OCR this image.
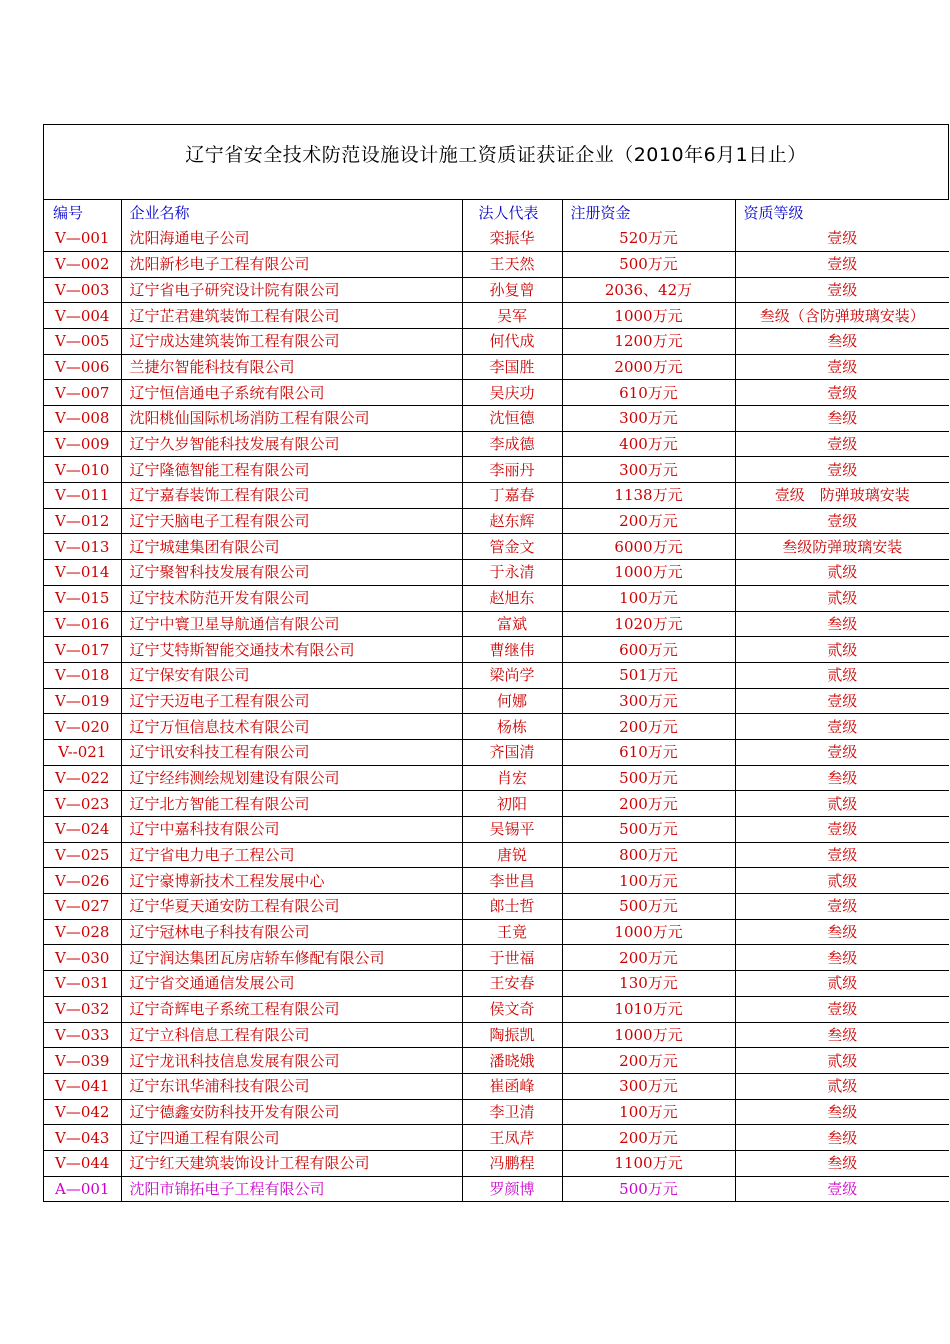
辽宁省安全技术防范设施设计施工资质证获证企业（2010年6月1日止）
编号	企业名称	法人代表	注册资金	资质等级
V—001	沈阳海通电子公司	栾振华	520万元	壹级
V—002	沈阳新杉电子工程有限公司	王天然	500万元	壹级
V—003	辽宁省电子研究设计院有限公司	孙复曾	2036、42万	壹级
V—004	辽宁芷君建筑装饰工程有限公司	吴军	1000万元	叁级（含防弹玻璃安装）
V—005	辽宁成达建筑装饰工程有限公司	何代成	1200万元	叁级
V—006	兰捷尔智能科技有限公司	李国胜	2000万元	壹级
V—007	辽宁恒信通电子系统有限公司	吴庆功	610万元	壹级
V—008	沈阳桃仙国际机场消防工程有限公司	沈恒德	300万元	叁级
V—009	辽宁久岁智能科技发展有限公司	李成德	400万元	壹级
V—010	辽宁隆德智能工程有限公司	李丽丹	300万元	壹级
V—011	辽宁嘉春装饰工程有限公司	丁嘉春	1138万元	壹级　防弹玻璃安装
V—012	辽宁天脑电子工程有限公司	赵东辉	200万元	壹级
V—013	辽宁城建集团有限公司	管金文	6000万元	叁级防弹玻璃安装
V—014	辽宁聚智科技发展有限公司	于永清	1000万元	贰级
V—015	辽宁技术防范开发有限公司	赵旭东	100万元	贰级
V—016	辽宁中寰卫星导航通信有限公司	富斌	1020万元	叁级
V—017	辽宁艾特斯智能交通技术有限公司	曹继伟	600万元	贰级
V—018	辽宁保安有限公司	梁尚学	501万元	贰级
V—019	辽宁天迈电子工程有限公司	何娜	300万元	壹级
V—020	辽宁万恒信息技术有限公司	杨栋	200万元	壹级
V--021	辽宁讯安科技工程有限公司	齐国清	610万元	壹级
V—022	辽宁经纬测绘规划建设有限公司	肖宏	500万元	叁级
V—023	辽宁北方智能工程有限公司	初阳	200万元	贰级
V—024	辽宁中嘉科技有限公司	吴锡平	500万元	壹级
V—025	辽宁省电力电子工程公司	唐锐	800万元	壹级
V—026	辽宁豪博新技术工程发展中心	李世昌	100万元	贰级
V—027	辽宁华夏天通安防工程有限公司	郎士哲	500万元	壹级
V—028	辽宁冠林电子科技有限公司	王竟	1000万元	叁级
V—030	辽宁润达集团瓦房店轿车修配有限公司	于世福	200万元	叁级
V—031	辽宁省交通通信发展公司	王安春	130万元	贰级
V—032	辽宁奇辉电子系统工程有限公司	侯文奇	1010万元	壹级
V—033	辽宁立科信息工程有限公司	陶振凯	1000万元	叁级
V—039	辽宁龙讯科技信息发展有限公司	潘晓娥	200万元	贰级
V—041	辽宁东讯华浦科技有限公司	崔函峰	300万元	贰级
V—042	辽宁德鑫安防科技开发有限公司	李卫清	100万元	叁级
V—043	辽宁四通工程有限公司	王凤芹	200万元	叁级
V—044	辽宁红天建筑装饰设计工程有限公司	冯鹏程	1100万元	叁级
A—001	沈阳市锦拓电子工程有限公司	罗颜博	500万元	壹级
